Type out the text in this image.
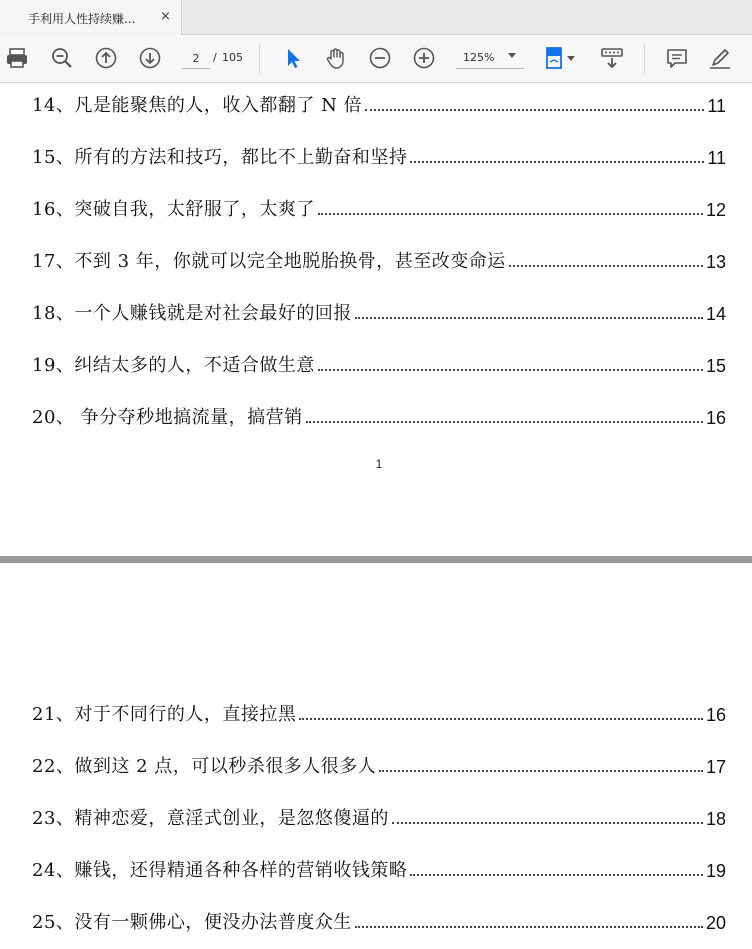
手利用人性持续赚... ×
2
/ 105	125%
14、凡是能聚焦的人，收入都翻了 N 倍	11
15、所有的方法和技巧，都比不上勤奋和坚持	11
16、突破自我，太舒服了，太爽了	12
17、不到 3 年，你就可以完全地脱胎换骨，甚至改变命运	13
18、一个人赚钱就是对社会最好的回报	14
19、纠结太多的人，不适合做生意	15
20、 争分夺秒地搞流量，搞营销	16
1
21、对于不同行的人，直接拉黑	16
22、做到这 2 点，可以秒杀很多人很多人	17
23、精神恋爱，意淫式创业，是忽悠傻逼的	18
24、赚钱，还得精通各种各样的营销收钱策略	19
25、没有一颗佛心，便没办法普度众生	20
